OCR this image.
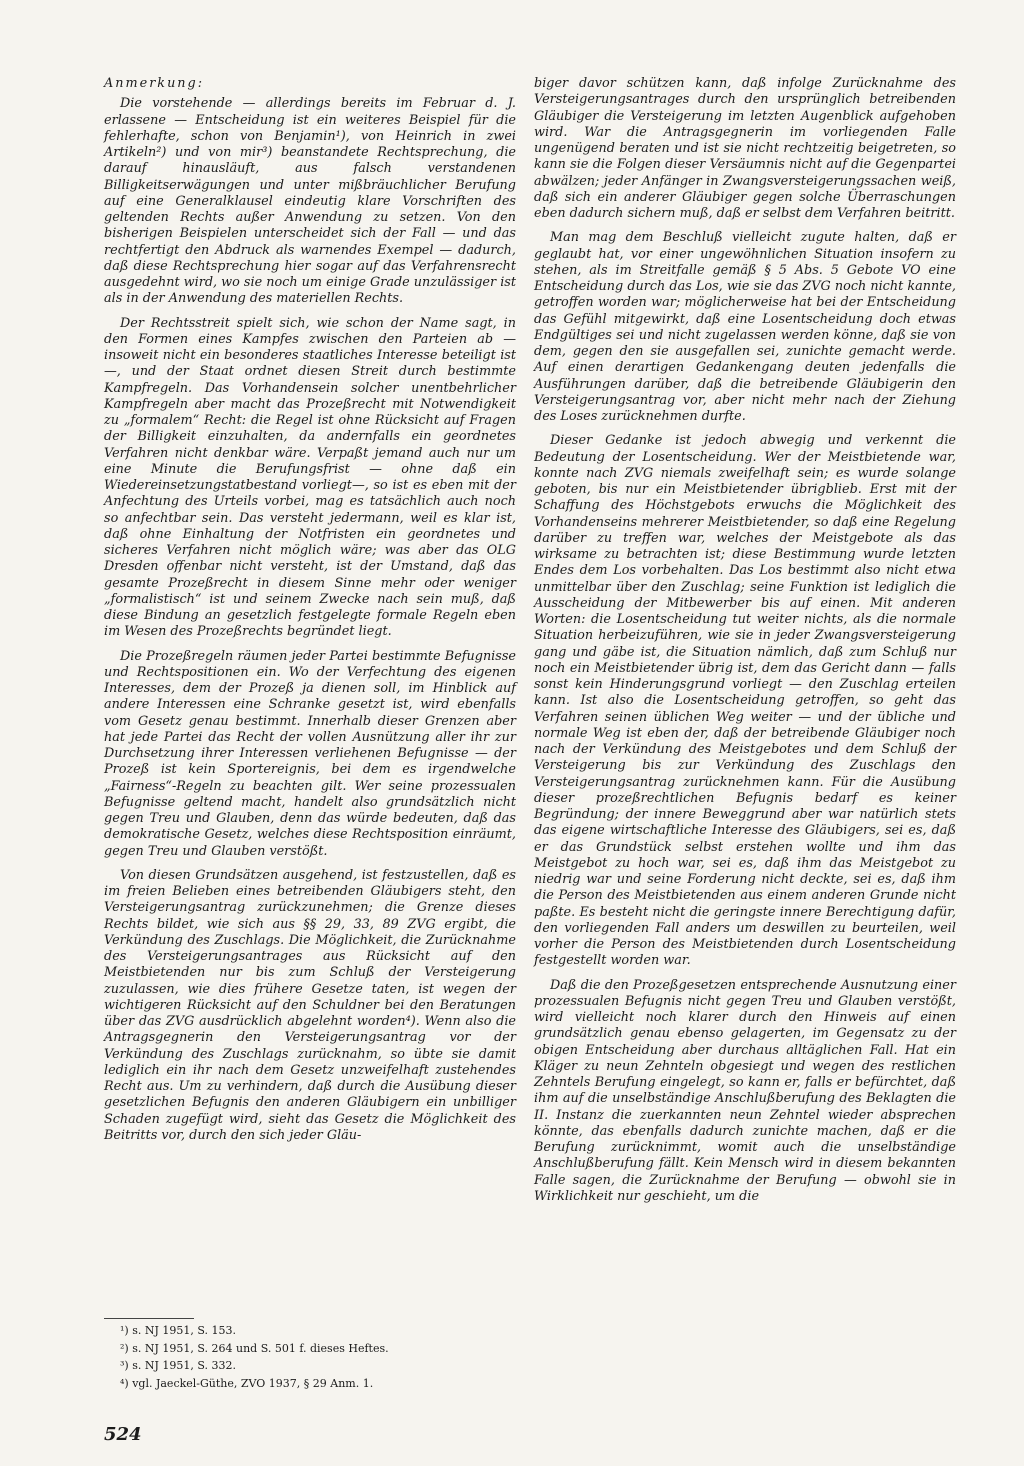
Anmerkung:

Die vorstehende — allerdings bereits im Februar d. J. erlassene — Entscheidung ist ein weiteres Beispiel für die fehlerhafte, schon von Benjamin¹), von Heinrich in zwei Artikeln²) und von mir³) beanstandete Rechtsprechung, die darauf hinausläuft, aus falsch verstandenen Billigkeitserwägungen und unter mißbräuchlicher Berufung auf eine Generalklausel eindeutig klare Vorschriften des geltenden Rechts außer Anwendung zu setzen. Von den bisherigen Beispielen unterscheidet sich der Fall — und das rechtfertigt den Abdruck als warnendes Exempel — dadurch, daß diese Rechtsprechung hier sogar auf das Verfahrensrecht ausgedehnt wird, wo sie noch um einige Grade unzulässiger ist als in der Anwendung des materiellen Rechts.

Der Rechtsstreit spielt sich, wie schon der Name sagt, in den Formen eines Kampfes zwischen den Parteien ab — insoweit nicht ein besonderes staatliches Interesse beteiligt ist —, und der Staat ordnet diesen Streit durch bestimmte Kampfregeln. Das Vorhandensein solcher unentbehrlicher Kampfregeln aber macht das Prozeßrecht mit Notwendigkeit zu „formalem“ Recht: die Regel ist ohne Rücksicht auf Fragen der Billigkeit einzuhalten, da andernfalls ein geordnetes Verfahren nicht denkbar wäre. Verpaßt jemand auch nur um eine Minute die Berufungsfrist — ohne daß ein Wiedereinsetzungstatbestand vorliegt—, so ist es eben mit der Anfechtung des Urteils vorbei, mag es tatsächlich auch noch so anfechtbar sein. Das versteht jedermann, weil es klar ist, daß ohne Einhaltung der Notfristen ein geordnetes und sicheres Verfahren nicht möglich wäre; was aber das OLG Dresden offenbar nicht versteht, ist der Umstand, daß das gesamte Prozeßrecht in diesem Sinne mehr oder weniger „formalistisch“ ist und seinem Zwecke nach sein muß, daß diese Bindung an gesetzlich festgelegte formale Regeln eben im Wesen des Prozeßrechts begründet liegt.

Die Prozeßregeln räumen jeder Partei bestimmte Befugnisse und Rechtspositionen ein. Wo der Verfechtung des eigenen Interesses, dem der Prozeß ja dienen soll, im Hinblick auf andere Interessen eine Schranke gesetzt ist, wird ebenfalls vom Gesetz genau bestimmt. Innerhalb dieser Grenzen aber hat jede Partei das Recht der vollen Ausnützung aller ihr zur Durchsetzung ihrer Interessen verliehenen Befugnisse — der Prozeß ist kein Sportereignis, bei dem es irgendwelche „Fairness“-Regeln zu beachten gilt. Wer seine prozessualen Befugnisse geltend macht, handelt also grundsätzlich nicht gegen Treu und Glauben, denn das würde bedeuten, daß das demokratische Gesetz, welches diese Rechtsposition einräumt, gegen Treu und Glauben verstößt.

Von diesen Grundsätzen ausgehend, ist festzustellen, daß es im freien Belieben eines betreibenden Gläubigers steht, den Versteigerungsantrag zurückzunehmen; die Grenze dieses Rechts bildet, wie sich aus §§ 29, 33, 89 ZVG ergibt, die Verkündung des Zuschlags. Die Möglichkeit, die Zurücknahme des Versteigerungsantrages aus Rücksicht auf den Meistbietenden nur bis zum Schluß der Versteigerung zuzulassen, wie dies frühere Gesetze taten, ist wegen der wichtigeren Rücksicht auf den Schuldner bei den Beratungen über das ZVG ausdrücklich abgelehnt worden⁴). Wenn also die Antragsgegnerin den Versteigerungsantrag vor der Verkündung des Zuschlags zurücknahm, so übte sie damit lediglich ein ihr nach dem Gesetz unzweifelhaft zustehendes Recht aus. Um zu verhindern, daß durch die Ausübung dieser gesetzlichen Befugnis den anderen Gläubigern ein unbilliger Schaden zugefügt wird, sieht das Gesetz die Möglichkeit des Beitritts vor, durch den sich jeder Gläu-

biger davor schützen kann, daß infolge Zurücknahme des Versteigerungsantrages durch den ursprünglich betreibenden Gläubiger die Versteigerung im letzten Augenblick aufgehoben wird. War die Antragsgegnerin im vorliegenden Falle ungenügend beraten und ist sie nicht rechtzeitig beigetreten, so kann sie die Folgen dieser Versäumnis nicht auf die Gegenpartei abwälzen; jeder Anfänger in Zwangsversteigerungssachen weiß, daß sich ein anderer Gläubiger gegen solche Überraschungen eben dadurch sichern muß, daß er selbst dem Verfahren beitritt.

Man mag dem Beschluß vielleicht zugute halten, daß er geglaubt hat, vor einer ungewöhnlichen Situation insofern zu stehen, als im Streitfalle gemäß § 5 Abs. 5 Gebote VO eine Entscheidung durch das Los, wie sie das ZVG noch nicht kannte, getroffen worden war; möglicherweise hat bei der Entscheidung das Gefühl mitgewirkt, daß eine Losentscheidung doch etwas Endgültiges sei und nicht zugelassen werden könne, daß sie von dem, gegen den sie ausgefallen sei, zunichte gemacht werde. Auf einen derartigen Gedankengang deuten jedenfalls die Ausführungen darüber, daß die betreibende Gläubigerin den Versteigerungsantrag vor, aber nicht mehr nach der Ziehung des Loses zurücknehmen durfte.

Dieser Gedanke ist jedoch abwegig und verkennt die Bedeutung der Losentscheidung. Wer der Meistbietende war, konnte nach ZVG niemals zweifelhaft sein; es wurde solange geboten, bis nur ein Meistbietender übrigblieb. Erst mit der Schaffung des Höchstgebots erwuchs die Möglichkeit des Vorhandenseins mehrerer Meistbietender, so daß eine Regelung darüber zu treffen war, welches der Meistgebote als das wirksame zu betrachten ist; diese Bestimmung wurde letzten Endes dem Los vorbehalten. Das Los bestimmt also nicht etwa unmittelbar über den Zuschlag; seine Funktion ist lediglich die Ausscheidung der Mitbewerber bis auf einen. Mit anderen Worten: die Losentscheidung tut weiter nichts, als die normale Situation herbeizuführen, wie sie in jeder Zwangsversteigerung gang und gäbe ist, die Situation nämlich, daß zum Schluß nur noch ein Meistbietender übrig ist, dem das Gericht dann — falls sonst kein Hinderungsgrund vorliegt — den Zuschlag erteilen kann. Ist also die Losentscheidung getroffen, so geht das Verfahren seinen üblichen Weg weiter — und der übliche und normale Weg ist eben der, daß der betreibende Gläubiger noch nach der Verkündung des Meistgebotes und dem Schluß der Versteigerung bis zur Verkündung des Zuschlags den Versteigerungsantrag zurücknehmen kann. Für die Ausübung dieser prozeßrechtlichen Befugnis bedarf es keiner Begründung; der innere Beweggrund aber war natürlich stets das eigene wirtschaftliche Interesse des Gläubigers, sei es, daß er das Grundstück selbst erstehen wollte und ihm das Meistgebot zu hoch war, sei es, daß ihm das Meistgebot zu niedrig war und seine Forderung nicht deckte, sei es, daß ihm die Person des Meistbietenden aus einem anderen Grunde nicht paßte. Es besteht nicht die geringste innere Berechtigung dafür, den vorliegenden Fall anders um deswillen zu beurteilen, weil vorher die Person des Meistbietenden durch Losentscheidung festgestellt worden war.

Daß die den Prozeßgesetzen entsprechende Ausnutzung einer prozessualen Befugnis nicht gegen Treu und Glauben verstößt, wird vielleicht noch klarer durch den Hinweis auf einen grundsätzlich genau ebenso gelagerten, im Gegensatz zu der obigen Entscheidung aber durchaus alltäglichen Fall. Hat ein Kläger zu neun Zehnteln obgesiegt und wegen des restlichen Zehntels Berufung eingelegt, so kann er, falls er befürchtet, daß ihm auf die unselbständige Anschlußberufung des Beklagten die II. Instanz die zuerkannten neun Zehntel wieder absprechen könnte, das ebenfalls dadurch zunichte machen, daß er die Berufung zurücknimmt, womit auch die unselbständige Anschlußberufung fällt. Kein Mensch wird in diesem bekannten Falle sagen, die Zurücknahme der Berufung — obwohl sie in Wirklichkeit nur geschieht, um die

¹) s. NJ 1951, S. 153.
²) s. NJ 1951, S. 264 und S. 501 f. dieses Heftes.
³) s. NJ 1951, S. 332.
⁴) vgl. Jaeckel-Güthe, ZVO 1937, § 29 Anm. 1.
524
